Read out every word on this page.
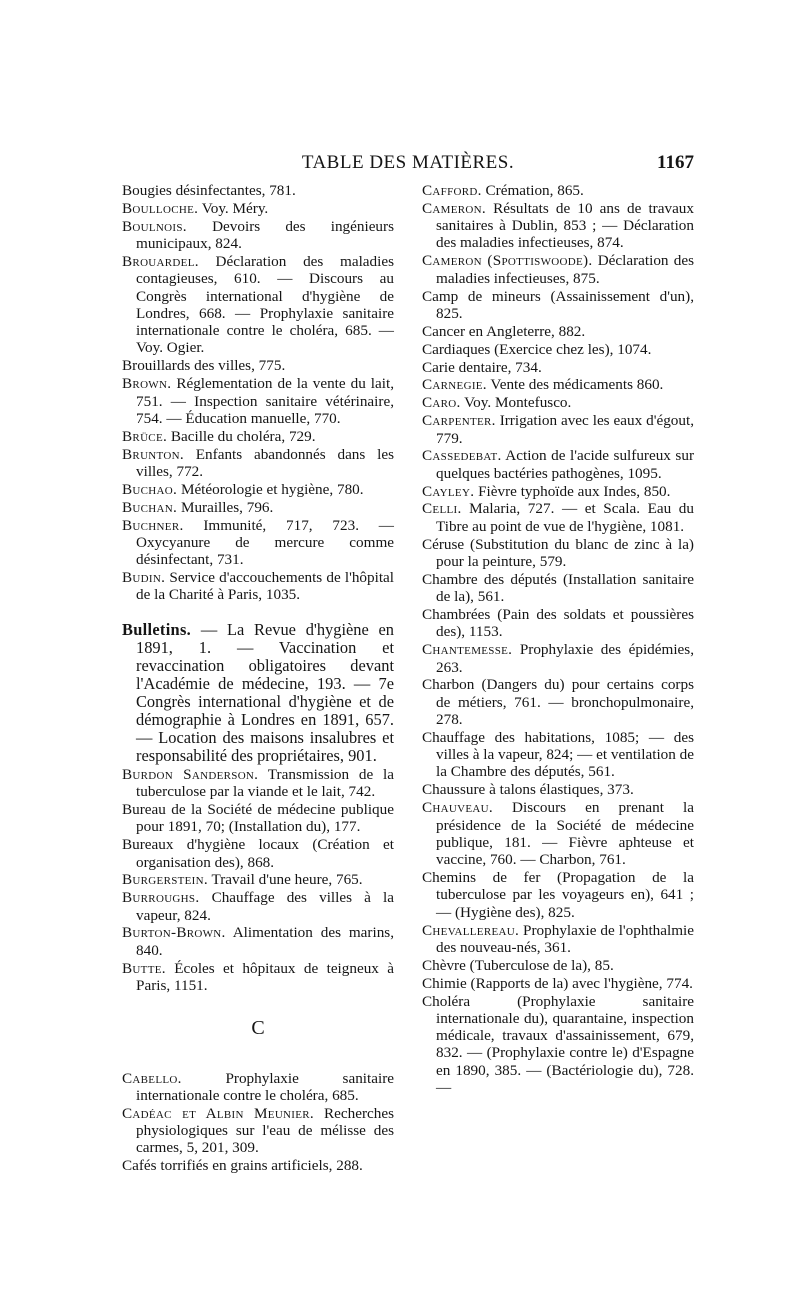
TABLE DES MATIÈRES.	1167

Bougies désinfectantes, 781.

Boulloche. Voy. Méry.

Boulnois. Devoirs des ingénieurs municipaux, 824.

Brouardel. Déclaration des maladies contagieuses, 610. — Discours au Congrès international d'hygiène de Londres, 668. — Prophylaxie sanitaire internationale contre le choléra, 685. — Voy. Ogier.

Brouillards des villes, 775.

Brown. Réglementation de la vente du lait, 751. — Inspection sanitaire vétérinaire, 754. — Éducation manuelle, 770.

Brüce. Bacille du choléra, 729.

Brunton. Enfants abandonnés dans les villes, 772.

Buchao. Météorologie et hygiène, 780.

Buchan. Murailles, 796.

Buchner. Immunité, 717, 723. — Oxycyanure de mercure comme désinfectant, 731.

Budin. Service d'accouchements de l'hôpital de la Charité à Paris, 1035.

Bulletins. — La Revue d'hygiène en 1891, 1. — Vaccination et revaccination obligatoires devant l'Académie de médecine, 193. — 7e Congrès international d'hygiène et de démographie à Londres en 1891, 657. — Location des maisons insalubres et responsabilité des propriétaires, 901.

Burdon Sanderson. Transmission de la tuberculose par la viande et le lait, 742.

Bureau de la Société de médecine publique pour 1891, 70; (Installation du), 177.

Bureaux d'hygiène locaux (Création et organisation des), 868.

Burgerstein. Travail d'une heure, 765.

Burroughs. Chauffage des villes à la vapeur, 824.

Burton-Brown. Alimentation des marins, 840.

Butte. Écoles et hôpitaux de teigneux à Paris, 1151.

C

Cabello. Prophylaxie sanitaire internationale contre le choléra, 685.

Cadéac et Albin Meunier. Recherches physiologiques sur l'eau de mélisse des carmes, 5, 201, 309.

Cafés torrifiés en grains artificiels, 288.

Cafford. Crémation, 865.

Cameron. Résultats de 10 ans de travaux sanitaires à Dublin, 853 ; — Déclaration des maladies infectieuses, 874.

Cameron (Spottiswoode). Déclaration des maladies infectieuses, 875.

Camp de mineurs (Assainissement d'un), 825.

Cancer en Angleterre, 882.

Cardiaques (Exercice chez les), 1074.

Carie dentaire, 734.

Carnegie. Vente des médicaments 860.

Caro. Voy. Montefusco.

Carpenter. Irrigation avec les eaux d'égout, 779.

Cassedebat. Action de l'acide sulfureux sur quelques bactéries pathogènes, 1095.

Cayley. Fièvre typhoïde aux Indes, 850.

Celli. Malaria, 727. — et Scala. Eau du Tibre au point de vue de l'hygiène, 1081.

Céruse (Substitution du blanc de zinc à la) pour la peinture, 579.

Chambre des députés (Installation sanitaire de la), 561.

Chambrées (Pain des soldats et poussières des), 1153.

Chantemesse. Prophylaxie des épidémies, 263.

Charbon (Dangers du) pour certains corps de métiers, 761. — bronchopulmonaire, 278.

Chauffage des habitations, 1085; — des villes à la vapeur, 824; — et ventilation de la Chambre des députés, 561.

Chaussure à talons élastiques, 373.

Chauveau. Discours en prenant la présidence de la Société de médecine publique, 181. — Fièvre aphteuse et vaccine, 760. — Charbon, 761.

Chemins de fer (Propagation de la tuberculose par les voyageurs en), 641 ; — (Hygiène des), 825.

Chevallereau. Prophylaxie de l'ophthalmie des nouveau-nés, 361.

Chèvre (Tuberculose de la), 85.

Chimie (Rapports de la) avec l'hygiène, 774.

Choléra (Prophylaxie sanitaire internationale du), quarantaine, inspection médicale, travaux d'assainissement, 679, 832. — (Prophylaxie contre le) d'Espagne en 1890, 385. — (Bactériologie du), 728. —
